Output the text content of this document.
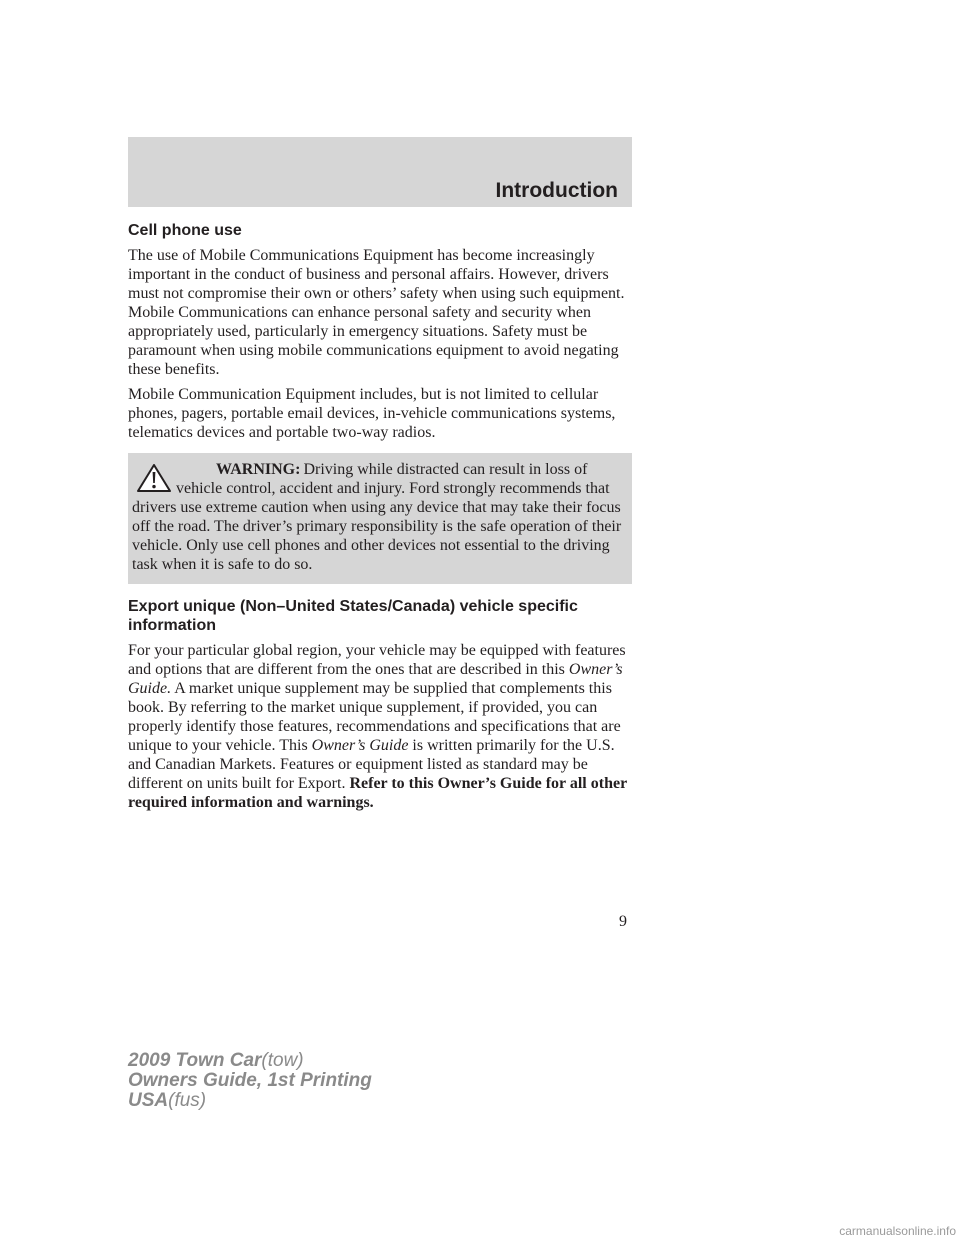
Introduction
Cell phone use

The use of Mobile Communications Equipment has become increasingly important in the conduct of business and personal affairs. However, drivers must not compromise their own or others’ safety when using such equipment. Mobile Communications can enhance personal safety and security when appropriately used, particularly in emergency situations. Safety must be paramount when using mobile communications equipment to avoid negating these benefits.

Mobile Communication Equipment includes, but is not limited to cellular phones, pagers, portable email devices, in-vehicle communications systems, telematics devices and portable two-way radios.

WARNING: Driving while distracted can result in loss of vehicle control, accident and injury. Ford strongly recommends that drivers use extreme caution when using any device that may take their focus off the road. The driver’s primary responsibility is the safe operation of their vehicle. Only use cell phones and other devices not essential to the driving task when it is safe to do so.
Export unique (Non–United States/Canada) vehicle specific information

For your particular global region, your vehicle may be equipped with features and options that are different from the ones that are described in this Owner’s Guide. A market unique supplement may be supplied that complements this book. By referring to the market unique supplement, if provided, you can properly identify those features, recommendations and specifications that are unique to your vehicle. This Owner’s Guide is written primarily for the U.S. and Canadian Markets. Features or equipment listed as standard may be different on units built for Export. Refer to this Owner’s Guide for all other required information and warnings.

9
2009 Town Car(tow)
Owners Guide, 1st Printing
USA(fus)
carmanualsonline.info
